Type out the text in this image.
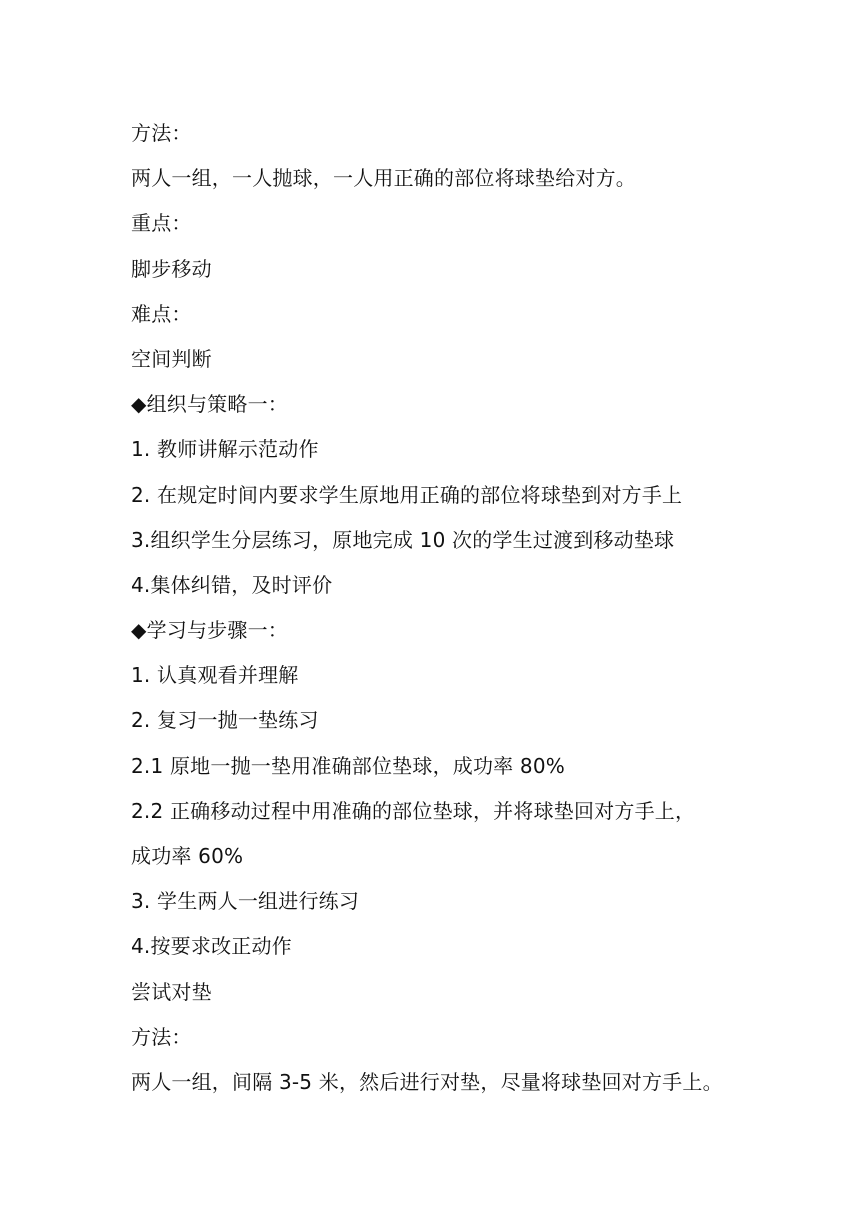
方法：
两人一组，一人抛球，一人用正确的部位将球垫给对方。
重点：
脚步移动
难点：
空间判断
◆组织与策略一：
1. 教师讲解示范动作
2. 在规定时间内要求学生原地用正确的部位将球垫到对方手上
3.组织学生分层练习，原地完成 10 次的学生过渡到移动垫球
4.集体纠错，及时评价
◆学习与步骤一：
1. 认真观看并理解
2. 复习一抛一垫练习
2.1 原地一抛一垫用准确部位垫球，成功率 80%
2.2 正确移动过程中用准确的部位垫球，并将球垫回对方手上，
成功率 60%
3. 学生两人一组进行练习
4.按要求改正动作
尝试对垫
方法：
两人一组，间隔 3-5 米，然后进行对垫，尽量将球垫回对方手上。
